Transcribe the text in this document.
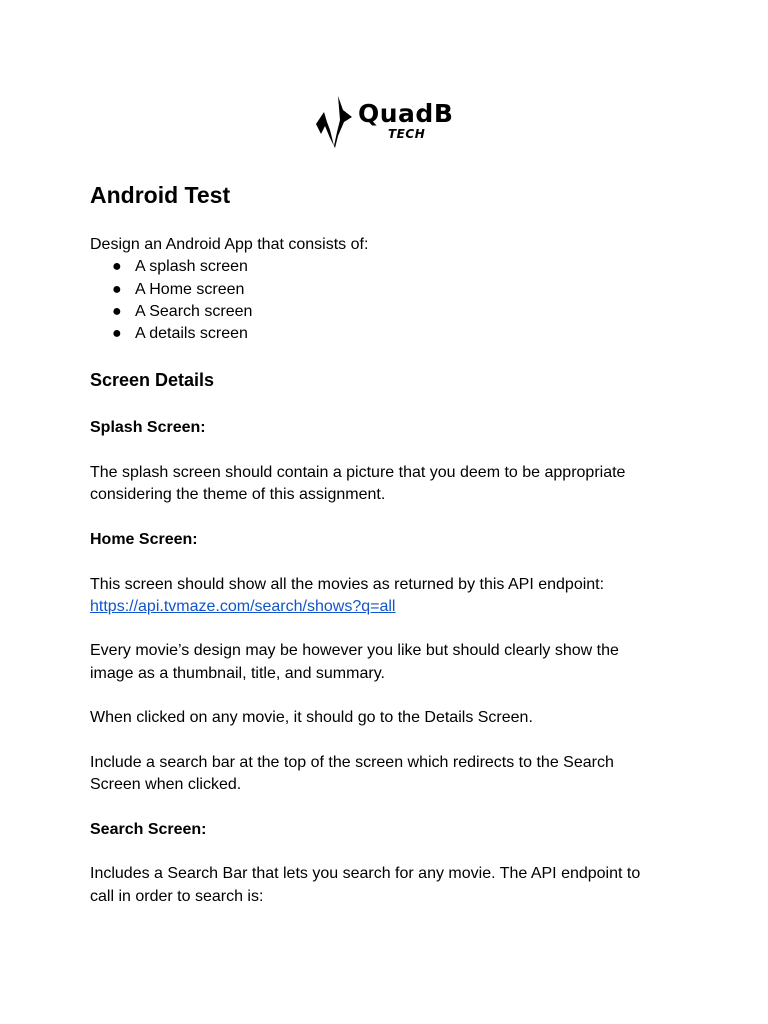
QuadB
TECH
Android Test

Design an Android App that consists of:

● A splash screen
● A Home screen
● A Search screen
● A details screen
Screen Details
Splash Screen:
The splash screen should contain a picture that you deem to be appropriate
considering the theme of this assignment.
Home Screen:
This screen should show all the movies as returned by this API endpoint:
https://api.tvmaze.com/search/shows?q=all
Every movie’s design may be however you like but should clearly show the
image as a thumbnail, title, and summary.
When clicked on any movie, it should go to the Details Screen.
Include a search bar at the top of the screen which redirects to the Search
Screen when clicked.
Search Screen:
Includes a Search Bar that lets you search for any movie. The API endpoint to
call in order to search is:
